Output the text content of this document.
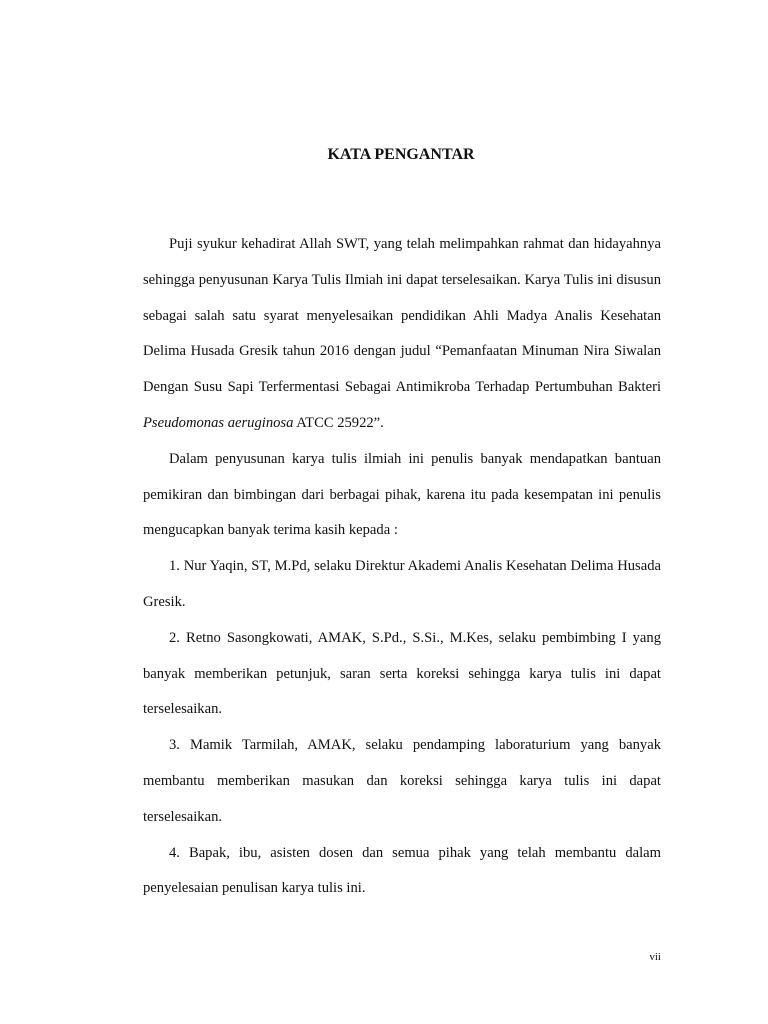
KATA PENGANTAR

Puji syukur kehadirat Allah SWT, yang telah melimpahkan rahmat dan hidayahnya sehingga penyusunan Karya Tulis Ilmiah ini dapat terselesaikan. Karya Tulis ini disusun sebagai salah satu syarat menyelesaikan pendidikan Ahli Madya Analis Kesehatan Delima Husada Gresik tahun 2016 dengan judul “Pemanfaatan Minuman Nira Siwalan Dengan Susu Sapi Terfermentasi Sebagai Antimikroba Terhadap Pertumbuhan Bakteri Pseudomonas aeruginosa ATCC 25922”.

Dalam penyusunan karya tulis ilmiah ini penulis banyak mendapatkan bantuan pemikiran dan bimbingan dari berbagai pihak, karena itu pada kesempatan ini penulis mengucapkan banyak terima kasih kepada :

1. Nur Yaqin, ST, M.Pd, selaku Direktur Akademi Analis Kesehatan Delima Husada Gresik.

2. Retno Sasongkowati, AMAK, S.Pd., S.Si., M.Kes, selaku pembimbing I yang banyak memberikan petunjuk, saran serta koreksi sehingga karya tulis ini dapat terselesaikan.

3. Mamik Tarmilah, AMAK, selaku pendamping laboraturium yang banyak membantu memberikan masukan dan koreksi sehingga karya tulis ini dapat terselesaikan.

4. Bapak, ibu, asisten dosen dan semua pihak yang telah membantu dalam penyelesaian penulisan karya tulis ini.

vii
